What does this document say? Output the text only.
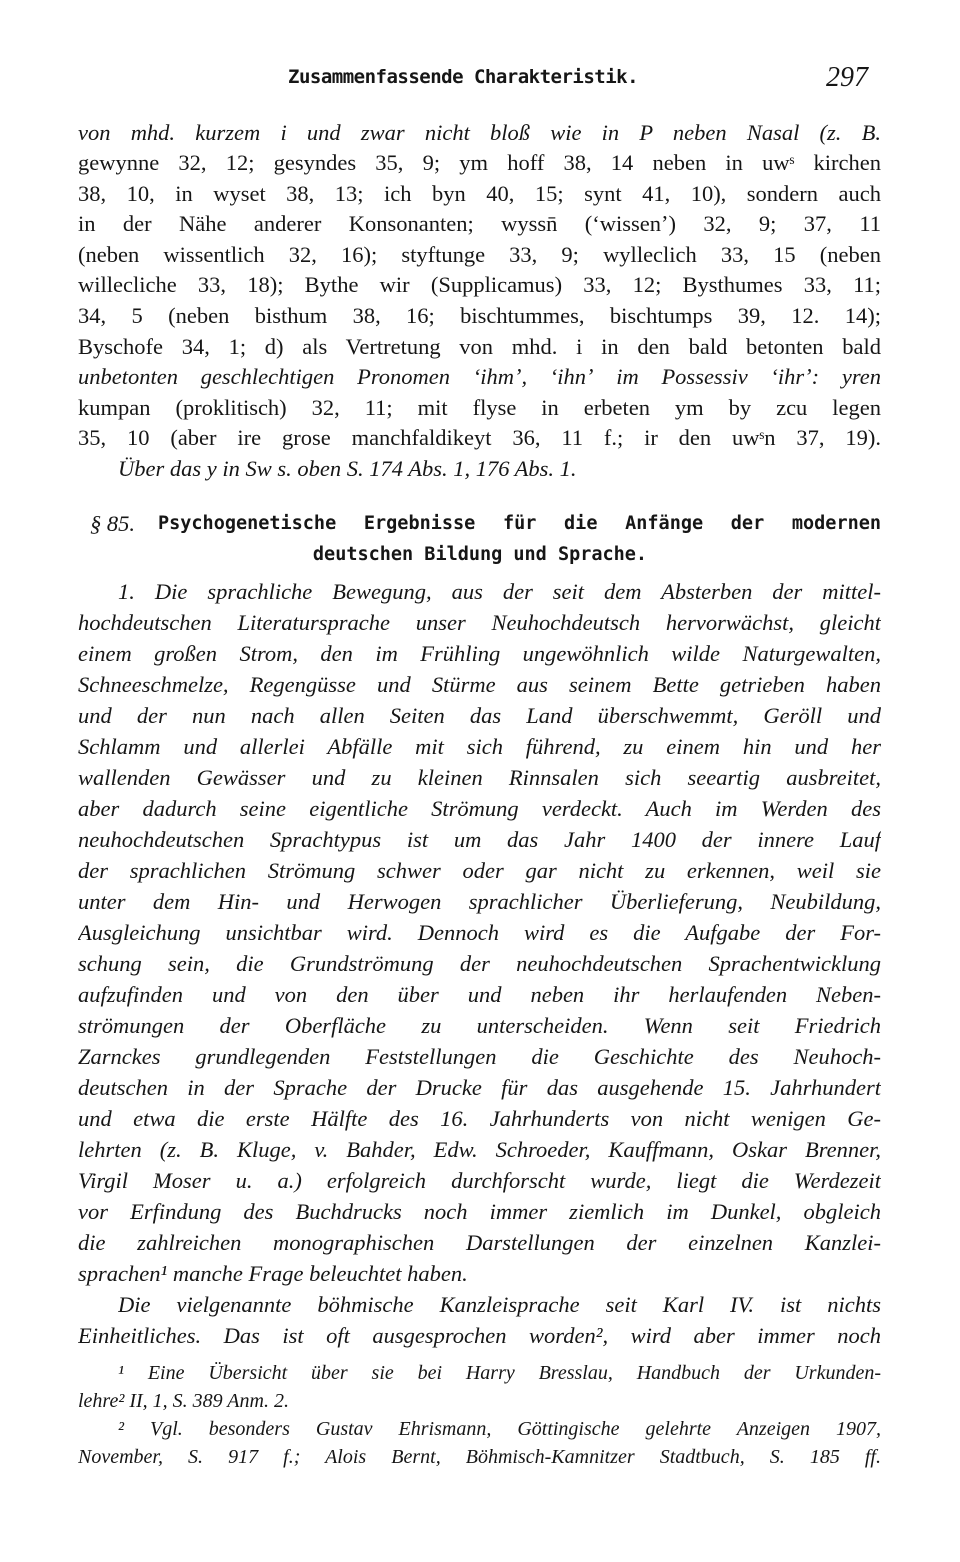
Zusammenfassende Charakteristik.	297
von mhd. kurzem i und zwar nicht bloß wie in P neben Nasal (z. B.
gewynne 32, 12; gesyndes 35, 9; ym hoff 38, 14 neben in uwˢ kirchen
38, 10, in wyset 38, 13; ich byn 40, 15; synt 41, 10), sondern auch
in der Nähe anderer Konsonanten; wyssn̄ (ʻwissenʼ) 32, 9; 37, 11
(neben wissentlich 32, 16); styftunge 33, 9; wylleclich 33, 15 (neben
willecliche 33, 18); Bythe wir (Supplicamus) 33, 12; Bysthumes 33, 11;
34, 5 (neben bisthum 38, 16; bischtummes, bischtumps 39, 12. 14);
Byschofe 34, 1; d) als Vertretung von mhd. i in den bald betonten bald
unbetonten geschlechtigen Pronomen ʻihmʼ, ʻihnʼ im Possessiv ʻihrʼ: yren
kumpan (proklitisch) 32, 11; mit flyse in erbeten ym by zcu legen
35, 10 (aber ire grose manchfaldikeyt 36, 11 f.; ir den uwˢn 37, 19).
Über das y in Sw s. oben S. 174 Abs. 1, 176 Abs. 1.
§ 85. Psychogenetische Ergebnisse für die Anfänge der modernen
deutschen Bildung und Sprache.
1. Die sprachliche Bewegung, aus der seit dem Absterben der mittel-
hochdeutschen Literatursprache unser Neuhochdeutsch hervorwächst, gleicht
einem großen Strom, den im Frühling ungewöhnlich wilde Naturgewalten,
Schneeschmelze, Regengüsse und Stürme aus seinem Bette getrieben haben
und der nun nach allen Seiten das Land überschwemmt, Geröll und
Schlamm und allerlei Abfälle mit sich führend, zu einem hin und her
wallenden Gewässer und zu kleinen Rinnsalen sich seeartig ausbreitet,
aber dadurch seine eigentliche Strömung verdeckt. Auch im Werden des
neuhochdeutschen Sprachtypus ist um das Jahr 1400 der innere Lauf
der sprachlichen Strömung schwer oder gar nicht zu erkennen, weil sie
unter dem Hin- und Herwogen sprachlicher Überlieferung, Neubildung,
Ausgleichung unsichtbar wird. Dennoch wird es die Aufgabe der For-
schung sein, die Grundströmung der neuhochdeutschen Sprachentwicklung
aufzufinden und von den über und neben ihr herlaufenden Neben-
strömungen der Oberfläche zu unterscheiden. Wenn seit Friedrich
Zarnckes grundlegenden Feststellungen die Geschichte des Neuhoch-
deutschen in der Sprache der Drucke für das ausgehende 15. Jahrhundert
und etwa die erste Hälfte des 16. Jahrhunderts von nicht wenigen Ge-
lehrten (z. B. Kluge, v. Bahder, Edw. Schroeder, Kauffmann, Oskar Brenner,
Virgil Moser u. a.) erfolgreich durchforscht wurde, liegt die Werdezeit
vor Erfindung des Buchdrucks noch immer ziemlich im Dunkel, obgleich
die zahlreichen monographischen Darstellungen der einzelnen Kanzlei-
sprachen¹ manche Frage beleuchtet haben.
Die vielgenannte böhmische Kanzleisprache seit Karl IV. ist nichts
Einheitliches. Das ist oft ausgesprochen worden², wird aber immer noch
¹ Eine Übersicht über sie bei Harry Bresslau, Handbuch der Urkunden-
lehre² II, 1, S. 389 Anm. 2.
² Vgl. besonders Gustav Ehrismann, Göttingische gelehrte Anzeigen 1907,
November, S. 917 f.; Alois Bernt, Böhmisch-Kamnitzer Stadtbuch, S. 185 ff.
